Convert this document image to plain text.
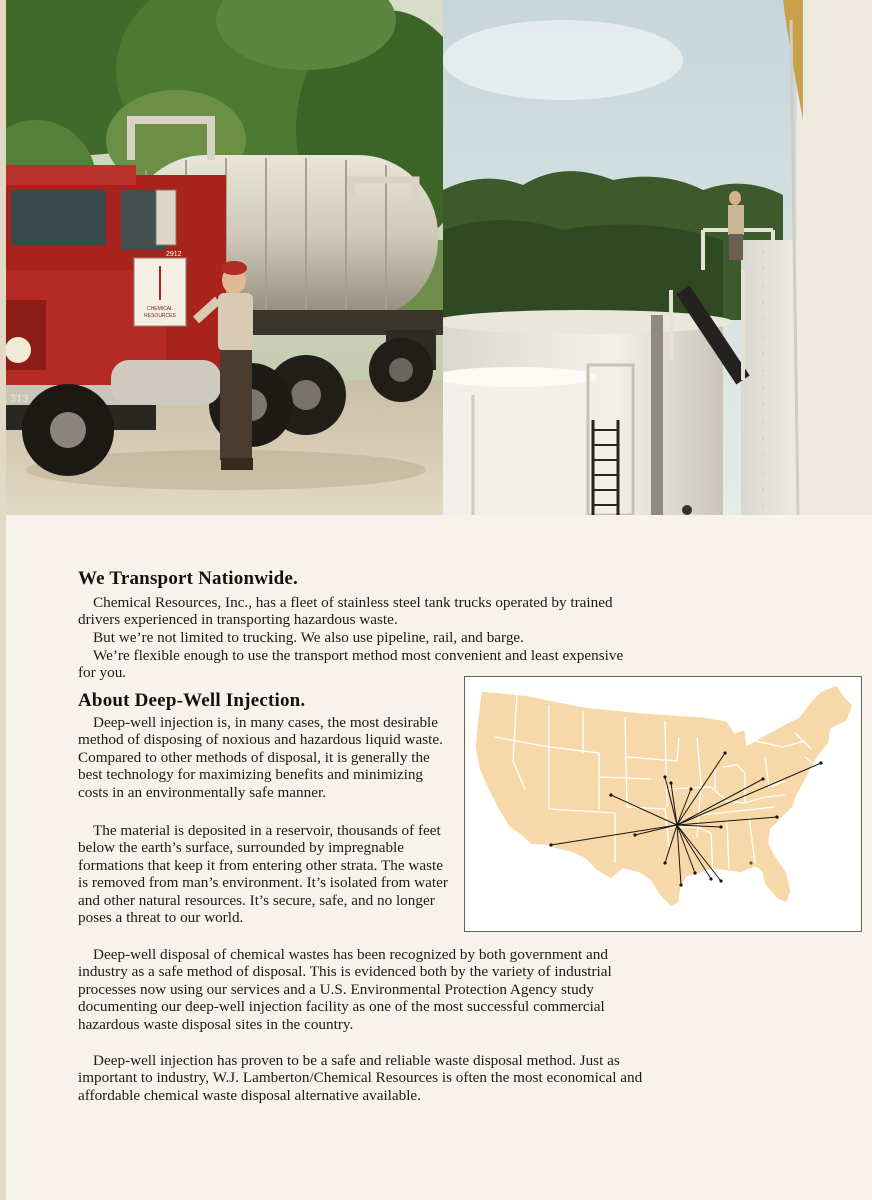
CHEMICAL
RESOURCES
2912
313
We Transport Nationwide.

Chemical Resources, Inc., has a fleet of stainless steel tank trucks operated by trained drivers experienced in transporting hazardous waste.

But we’re not limited to trucking. We also use pipeline, rail, and barge.

We’re flexible enough to use the transport method most convenient and least expensive for you.

About Deep-Well Injection.

Deep-well injection is, in many cases, the most desirable method of disposing of noxious and hazardous liquid waste. Compared to other methods of disposal, it is generally the best technology for maximizing benefits and minimizing costs in an environmentally safe manner.

The material is deposited in a reservoir, thousands of feet below the earth’s surface, surrounded by impregnable formations that keep it from entering other strata. The waste is removed from man’s environment. It’s isolated from water and other natural resources. It’s secure, safe, and no longer poses a threat to our world.

Deep-well disposal of chemical wastes has been recognized by both government and industry as a safe method of disposal. This is evidenced both by the variety of industrial processes now using our services and a U.S. Environmental Protection Agency study documenting our deep-well injection facility as one of the most successful commercial hazardous waste disposal sites in the country.

Deep-well injection has proven to be a safe and reliable waste disposal method. Just as important to industry, W.J. Lamberton/Chemical Resources is often the most economical and affordable chemical waste disposal alternative available.
